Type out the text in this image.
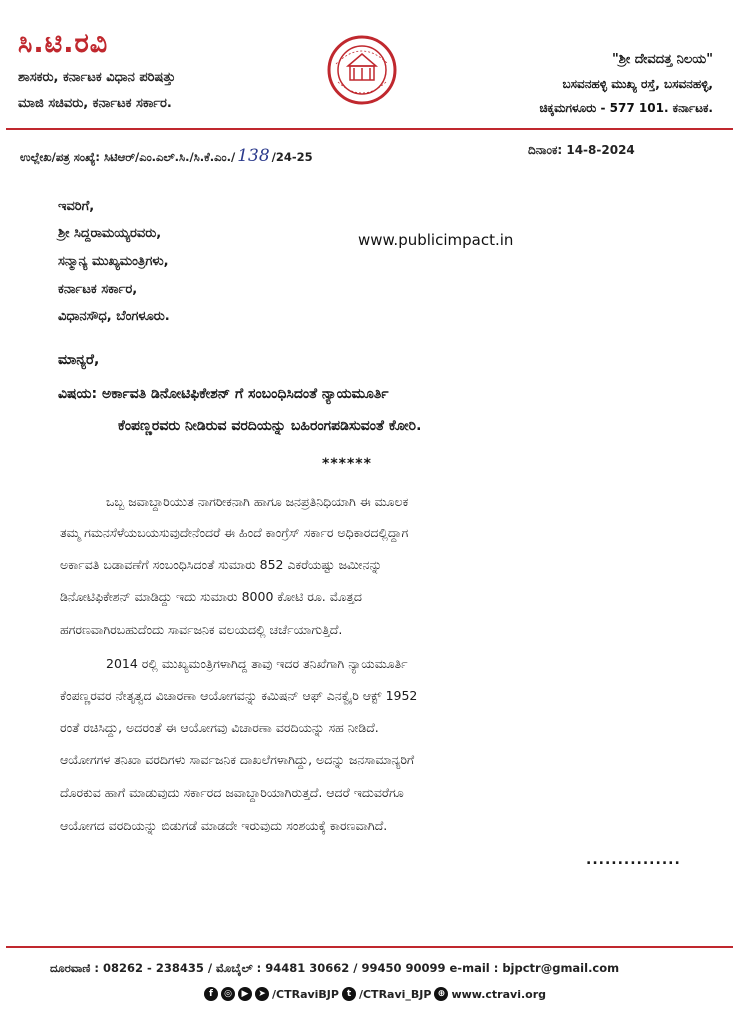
ಸಿ.ಟಿ.ರವಿ
ಶಾಸಕರು, ಕರ್ನಾಟಕ ವಿಧಾನ ಪರಿಷತ್ತು
ಮಾಜಿ ಸಚಿವರು, ಕರ್ನಾಟಕ ಸರ್ಕಾರ.
"ಶ್ರೀ ದೇವದತ್ತ ನಿಲಯ"
ಬಸವನಹಳ್ಳಿ ಮುಖ್ಯ ರಸ್ತೆ, ಬಸವನಹಳ್ಳಿ,
ಚಿಕ್ಕಮಗಳೂರು - 577 101. ಕರ್ನಾಟಕ.
ಉಲ್ಲೇಖ/ಪತ್ರ ಸಂಖ್ಯೆ: ಸಿಟಿಆರ್/ಎಂ.ಎಲ್.ಸಿ./ಸಿ.ಕೆ.ಎಂ./ 138 /24-25	ದಿನಾಂಕ: 14-8-2024
ಇವರಿಗೆ,
ಶ್ರೀ ಸಿದ್ದರಾಮಯ್ಯರವರು,
ಸನ್ಮಾನ್ಯ ಮುಖ್ಯಮಂತ್ರಿಗಳು,
ಕರ್ನಾಟಕ ಸರ್ಕಾರ,
ವಿಧಾನಸೌಧ, ಬೆಂಗಳೂರು.
www.publicimpact.in
ಮಾನ್ಯರೆ,
ವಿಷಯ: ಅರ್ಕಾವತಿ ಡಿನೋಟಿಫಿಕೇಶನ್ ಗೆ ಸಂಬಂಧಿಸಿದಂತೆ ನ್ಯಾಯಮೂರ್ತಿ
ಕೆಂಪಣ್ಣರವರು ನೀಡಿರುವ ವರದಿಯನ್ನು ಬಹಿರಂಗಪಡಿಸುವಂತೆ ಕೋರಿ.
******
ಒಬ್ಬ ಜವಾಬ್ದಾರಿಯುತ ನಾಗರೀಕನಾಗಿ ಹಾಗೂ ಜನಪ್ರತಿನಿಧಿಯಾಗಿ ಈ ಮೂಲಕ
ತಮ್ಮ ಗಮನಸೆಳೆಯಬಯಸುವುದೇನೆಂದರೆ ಈ ಹಿಂದೆ ಕಾಂಗ್ರೆಸ್ ಸರ್ಕಾರ ಅಧಿಕಾರದಲ್ಲಿದ್ದಾಗ
ಅರ್ಕಾವತಿ ಬಡಾವಣೆಗೆ ಸಂಬಂಧಿಸಿದಂತೆ ಸುಮಾರು 852 ಎಕರೆಯಷ್ಟು ಜಮೀನನ್ನು
ಡಿನೋಟಿಫಿಕೇಶನ್ ಮಾಡಿದ್ದು ಇದು ಸುಮಾರು 8000 ಕೋಟಿ ರೂ. ಮೊತ್ತದ
ಹಗರಣವಾಗಿರಬಹುದೆಂದು ಸಾರ್ವಜನಿಕ ವಲಯದಲ್ಲಿ ಚರ್ಚೆಯಾಗುತ್ತಿದೆ.
2014 ರಲ್ಲಿ ಮುಖ್ಯಮಂತ್ರಿಗಳಾಗಿದ್ದ ತಾವು ಇದರ ತನಿಖೆಗಾಗಿ ನ್ಯಾಯಮೂರ್ತಿ
ಕೆಂಪಣ್ಣರವರ ನೇತೃತ್ವದ ವಿಚಾರಣಾ ಆಯೋಗವನ್ನು ಕಮಿಷನ್ ಆಫ್ ಎನಕ್ವೈರಿ ಆಕ್ಟ್ 1952
ರಂತೆ ರಚಿಸಿದ್ದು, ಅದರಂತೆ ಈ ಆಯೋಗವು ವಿಚಾರಣಾ ವರದಿಯನ್ನು ಸಹ ನೀಡಿದೆ.
ಆಯೋಗಗಳ ತನಿಖಾ ವರದಿಗಳು ಸಾರ್ವಜನಿಕ ದಾಖಲೆಗಳಾಗಿದ್ದು, ಅದನ್ನು ಜನಸಾಮಾನ್ಯರಿಗೆ
ದೊರಕುವ ಹಾಗೆ ಮಾಡುವುದು ಸರ್ಕಾರದ ಜವಾಬ್ದಾರಿಯಾಗಿರುತ್ತದೆ. ಆದರೆ ಇದುವರೆಗೂ
ಆಯೋಗದ ವರದಿಯನ್ನು ಬಿಡುಗಡೆ ಮಾಡದೇ ಇರುವುದು ಸಂಶಯಕ್ಕೆ ಕಾರಣವಾಗಿದೆ.
...............
ದೂರವಾಣಿ : 08262 - 238435 / ಮೊಬೈಲ್ : 94481 30662 / 99450 90099 e-mail : bjpctr@gmail.com
f	◎	▶	➤ /CTRaviBJP t /CTRavi_BJP ⊕ www.ctravi.org
